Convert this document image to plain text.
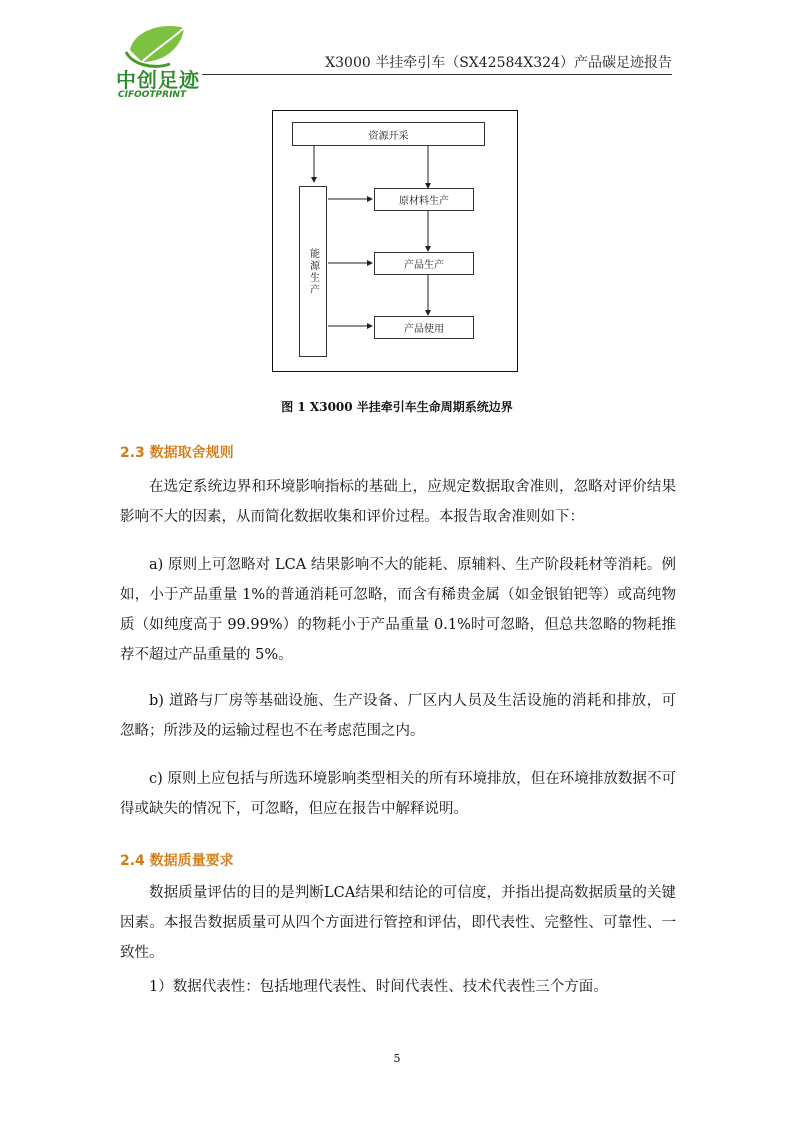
中创足迹
CIFOOTPRINT
X3000 半挂牵引车（SX42584X324）产品碳足迹报告
资源开采
原材料生产
产品生产
产品使用
能源生产
图 1 X3000 半挂牵引车生命周期系统边界
2.3 数据取舍规则

在选定系统边界和环境影响指标的基础上，应规定数据取舍准则，忽略对评价结果影响不大的因素，从而简化数据收集和评价过程。本报告取舍准则如下：

a) 原则上可忽略对 LCA 结果影响不大的能耗、原辅料、生产阶段耗材等消耗。例如，小于产品重量 1%的普通消耗可忽略，而含有稀贵金属（如金银铂钯等）或高纯物质（如纯度高于 99.99%）的物耗小于产品重量 0.1%时可忽略，但总共忽略的物耗推荐不超过产品重量的 5%。

b) 道路与厂房等基础设施、生产设备、厂区内人员及生活设施的消耗和排放，可忽略；所涉及的运输过程也不在考虑范围之内。

c) 原则上应包括与所选环境影响类型相关的所有环境排放，但在环境排放数据不可得或缺失的情况下，可忽略，但应在报告中解释说明。

2.4 数据质量要求

数据质量评估的目的是判断LCA结果和结论的可信度，并指出提高数据质量的关键因素。本报告数据质量可从四个方面进行管控和评估，即代表性、完整性、可靠性、一致性。

1）数据代表性：包括地理代表性、时间代表性、技术代表性三个方面。

5
